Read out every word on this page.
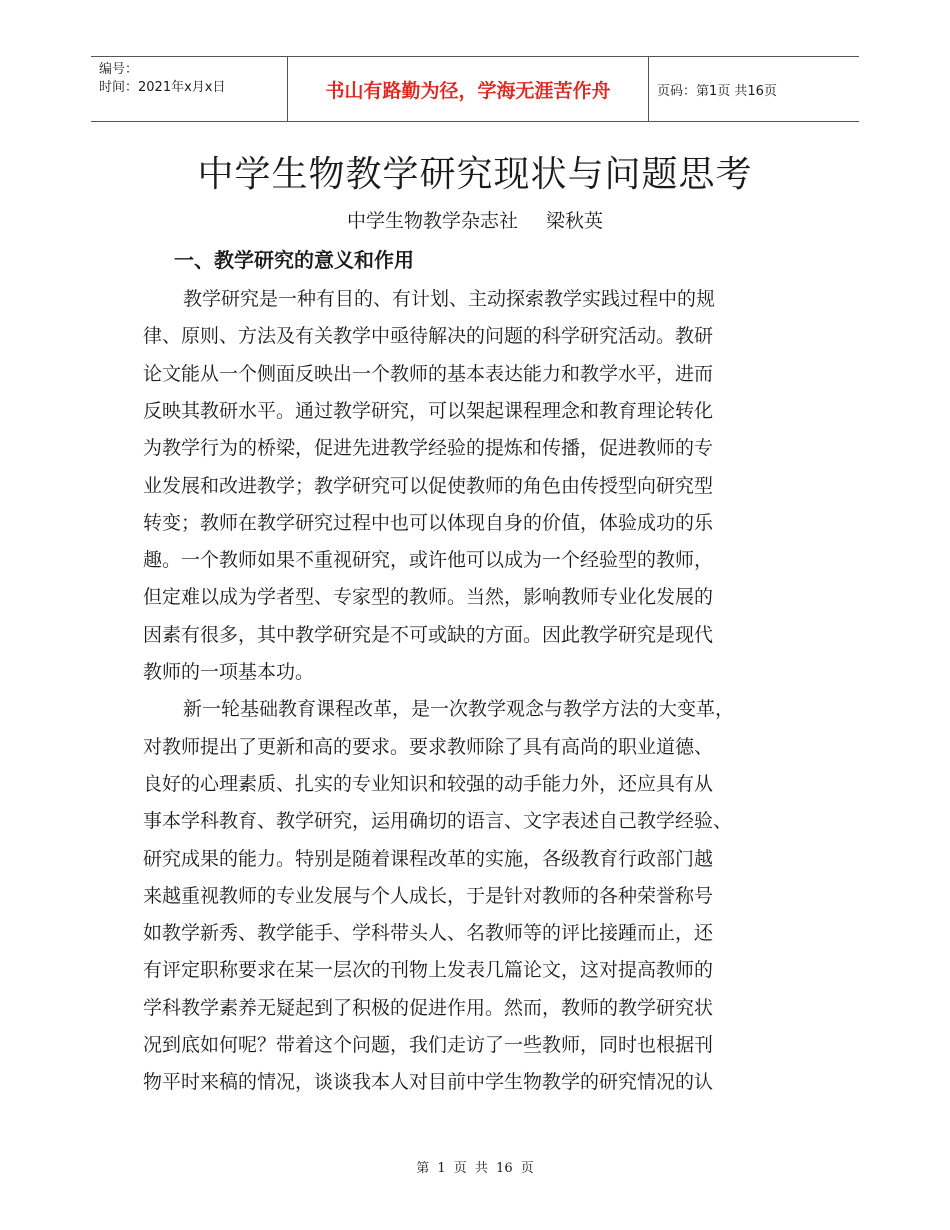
编号：
时间：2021年x月x日	书山有路勤为径，学海无涯苦作舟	页码：第1页 共16页
中学生物教学研究现状与问题思考
中学生物教学杂志社 梁秋英
一、教学研究的意义和作用
教学研究是一种有目的、有计划、主动探索教学实践过程中的规
律、原则、方法及有关教学中亟待解决的问题的科学研究活动。教研
论文能从一个侧面反映出一个教师的基本表达能力和教学水平，进而
反映其教研水平。通过教学研究，可以架起课程理念和教育理论转化
为教学行为的桥梁，促进先进教学经验的提炼和传播，促进教师的专
业发展和改进教学；教学研究可以促使教师的角色由传授型向研究型
转变；教师在教学研究过程中也可以体现自身的价值，体验成功的乐
趣。一个教师如果不重视研究，或许他可以成为一个经验型的教师，
但定难以成为学者型、专家型的教师。当然，影响教师专业化发展的
因素有很多，其中教学研究是不可或缺的方面。因此教学研究是现代
教师的一项基本功。
新一轮基础教育课程改革，是一次教学观念与教学方法的大变革，
对教师提出了更新和高的要求。要求教师除了具有高尚的职业道德、
良好的心理素质、扎实的专业知识和较强的动手能力外，还应具有从
事本学科教育、教学研究，运用确切的语言、文字表述自己教学经验、
研究成果的能力。特别是随着课程改革的实施，各级教育行政部门越
来越重视教师的专业发展与个人成长，于是针对教师的各种荣誉称号
如教学新秀、教学能手、学科带头人、名教师等的评比接踵而止，还
有评定职称要求在某一层次的刊物上发表几篇论文，这对提高教师的
学科教学素养无疑起到了积极的促进作用。然而，教师的教学研究状
况到底如何呢？带着这个问题，我们走访了一些教师，同时也根据刊
物平时来稿的情况，谈谈我本人对目前中学生物教学的研究情况的认
第 1 页 共 16 页
